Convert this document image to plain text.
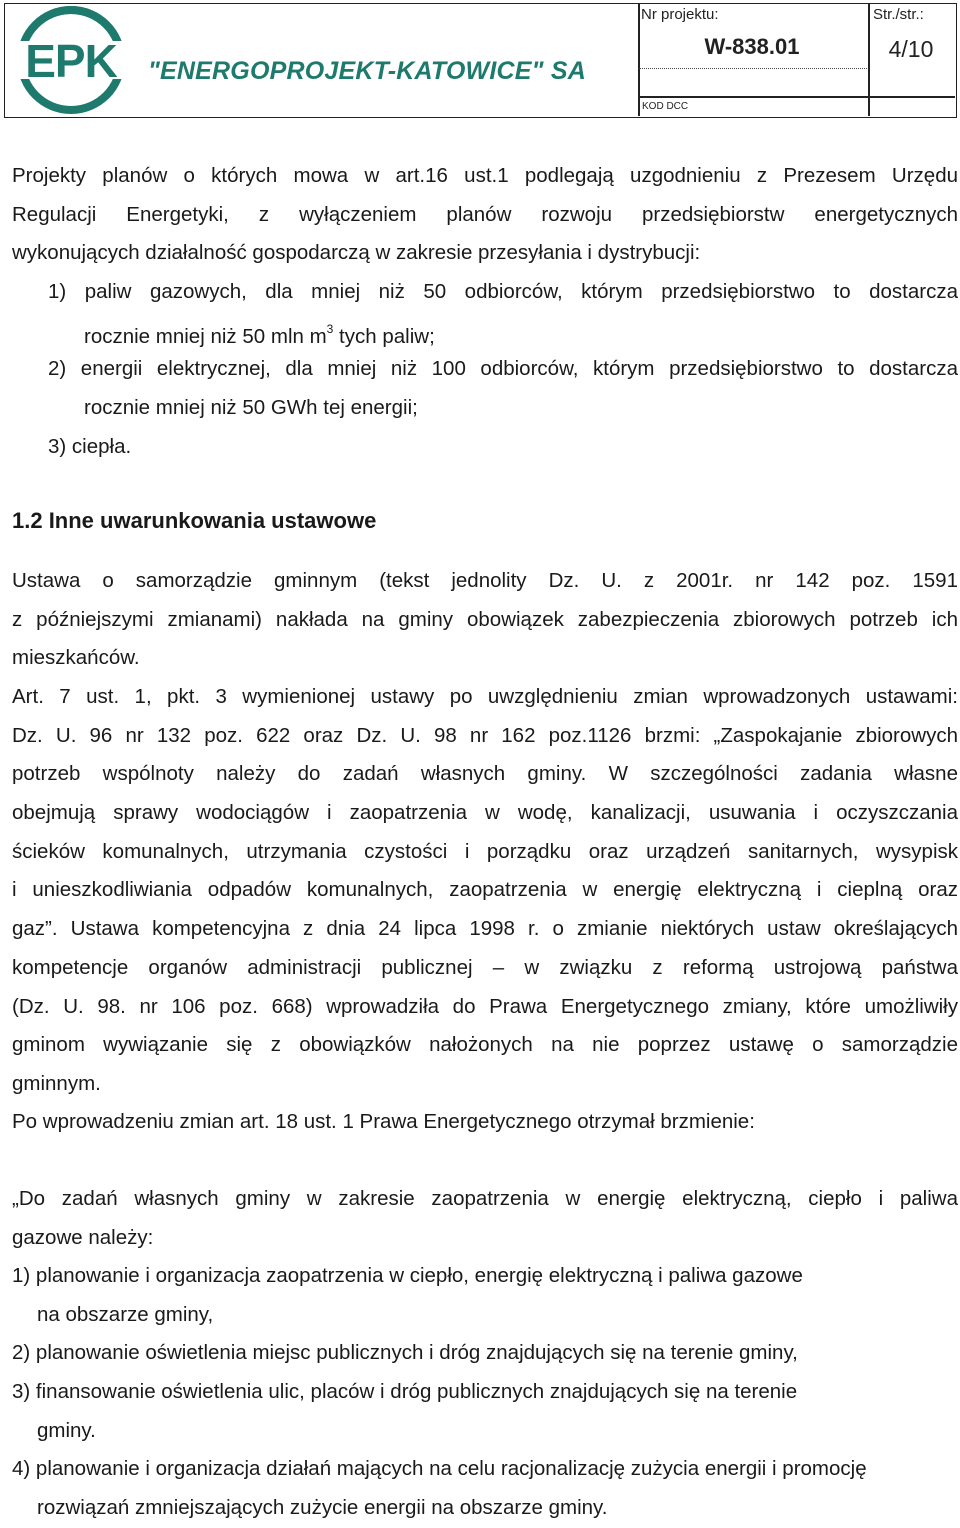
EPK "ENERGOPROJEKT-KATOWICE" SA
Nr projektu:	Str./str.:
W-838.01	4/10
KOD DCC
Projekty planów o których mowa w art.16 ust.1 podlegają uzgodnieniu z Prezesem Urzędu
Regulacji Energetyki, z wyłączeniem planów rozwoju przedsiębiorstw energetycznych
wykonujących działalność gospodarczą w zakresie przesyłania i dystrybucji:
1) paliw gazowych, dla mniej niż 50 odbiorców, którym przedsiębiorstwo to dostarcza
rocznie mniej niż 50 mln $m^3$ tych paliw;
2) energii elektrycznej, dla mniej niż 100 odbiorców, którym przedsiębiorstwo to dostarcza
rocznie mniej niż 50 GWh tej energii;
3) ciepła.
1.2 Inne uwarunkowania ustawowe
Ustawa o samorządzie gminnym (tekst jednolity Dz. U. z 2001r. nr 142 poz. 1591
z późniejszymi zmianami) nakłada na gminy obowiązek zabezpieczenia zbiorowych potrzeb ich
mieszkańców.
Art. 7 ust. 1, pkt. 3 wymienionej ustawy po uwzględnieniu zmian wprowadzonych ustawami:
Dz. U. 96 nr 132 poz. 622 oraz Dz. U. 98 nr 162 poz.1126 brzmi: „Zaspokajanie zbiorowych
potrzeb wspólnoty należy do zadań własnych gminy. W szczególności zadania własne
obejmują sprawy wodociągów i zaopatrzenia w wodę, kanalizacji, usuwania i oczyszczania
ścieków komunalnych, utrzymania czystości i porządku oraz urządzeń sanitarnych, wysypisk
i unieszkodliwiania odpadów komunalnych, zaopatrzenia w energię elektryczną i cieplną oraz
gaz”. Ustawa kompetencyjna z dnia 24 lipca 1998 r. o zmianie niektórych ustaw określających
kompetencje organów administracji publicznej – w związku z reformą ustrojową państwa
(Dz. U. 98. nr 106 poz. 668) wprowadziła do Prawa Energetycznego zmiany, które umożliwiły
gminom wywiązanie się z obowiązków nałożonych na nie poprzez ustawę o samorządzie
gminnym.
Po wprowadzeniu zmian art. 18 ust. 1 Prawa Energetycznego otrzymał brzmienie:
„Do zadań własnych gminy w zakresie zaopatrzenia w energię elektryczną, ciepło i paliwa
gazowe należy:
1) planowanie i organizacja zaopatrzenia w ciepło, energię elektryczną i paliwa gazowe
na obszarze gminy,
2) planowanie oświetlenia miejsc publicznych i dróg znajdujących się na terenie gminy,
3) finansowanie oświetlenia ulic, placów i dróg publicznych znajdujących się na terenie
gminy.
4) planowanie i organizacja działań mających na celu racjonalizację zużycia energii i promocję
rozwiązań zmniejszających zużycie energii na obszarze gminy.
